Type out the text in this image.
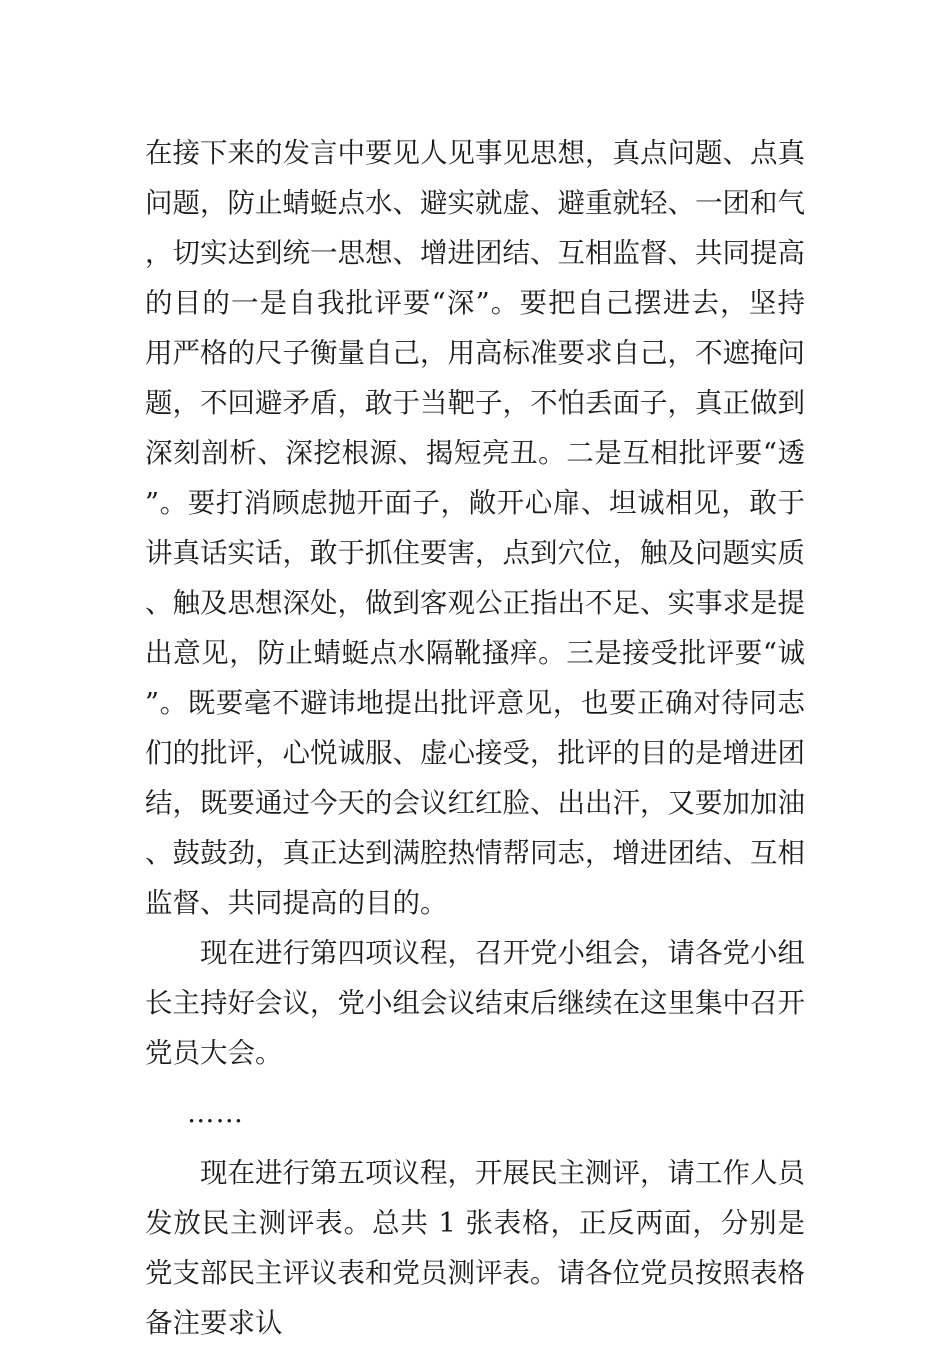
在接下来的发言中要见人见事见思想，真点问题、点真问题，防止蜻蜓点水、避实就虚、避重就轻、一团和气，切实达到统一思想、增进团结、互相监督、共同提高的目的一是自我批评要“深”。要把自己摆进去，坚持用严格的尺子衡量自己，用高标准要求自己，不遮掩问题，不回避矛盾，敢于当靶子，不怕丢面子，真正做到深刻剖析、深挖根源、揭短亮丑。二是互相批评要“透”。要打消顾虑抛开面子，敞开心扉、坦诚相见，敢于讲真话实话，敢于抓住要害，点到穴位，触及问题实质、触及思想深处，做到客观公正指出不足、实事求是提出意见，防止蜻蜓点水隔靴搔痒。三是接受批评要“诚”。既要毫不避讳地提出批评意见，也要正确对待同志们的批评，心悦诚服、虚心接受，批评的目的是增进团结，既要通过今天的会议红红脸、出出汗，又要加加油、鼓鼓劲，真正达到满腔热情帮同志，增进团结、互相监督、共同提高的目的。

现在进行第四项议程，召开党小组会，请各党小组长主持好会议，党小组会议结束后继续在这里集中召开党员大会。

……

现在进行第五项议程，开展民主测评，请工作人员发放民主测评表。总共 1 张表格，正反两面，分别是党支部民主评议表和党员测评表。请各位党员按照表格备注要求认
